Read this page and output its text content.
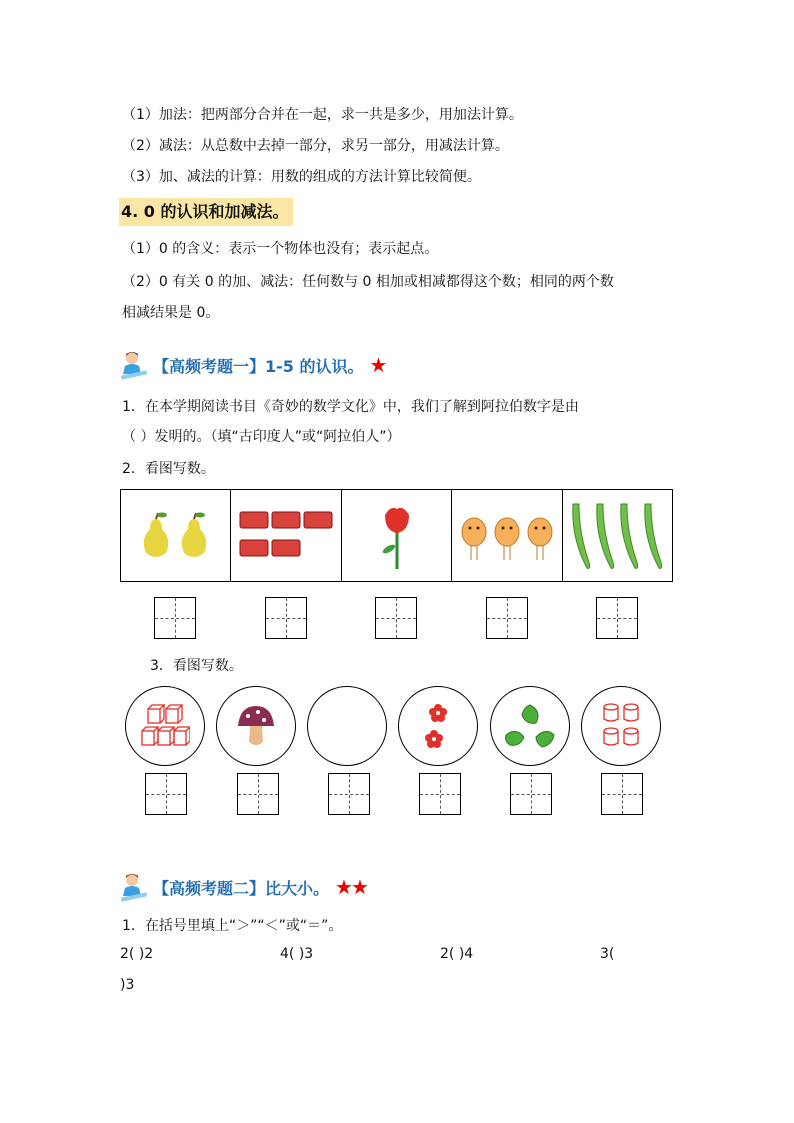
（1）加法：把两部分合并在一起，求一共是多少，用加法计算。
（2）减法：从总数中去掉一部分，求另一部分，用减法计算。
（3）加、减法的计算：用数的组成的方法计算比较简便。
4. 0 的认识和加减法。
（1）0 的含义：表示一个物体也没有；表示起点。
（2）0 有关 0 的加、减法：任何数与 0 相加或相减都得这个数；相同的两个数
相减结果是 0。
【高频考题一】1-5 的认识。 ★
1．在本学期阅读书目《奇妙的数学文化》中，我们了解到阿拉伯数字是由
（ ）发明的。（填“古印度人”或“阿拉伯人”）
2．看图写数。
3．看图写数。
【高频考题二】比大小。 ★★
1．在括号里填上“＞”“＜”或“＝”。
2( )2	4( )3	2( )4	3(
)3
